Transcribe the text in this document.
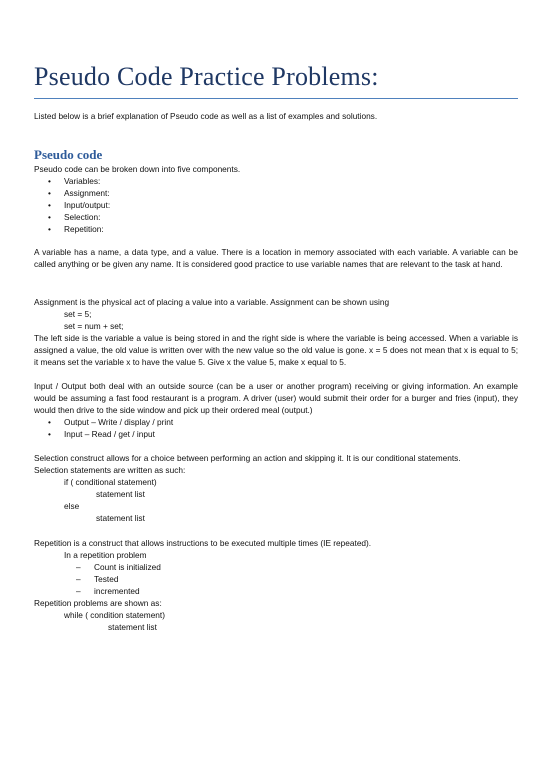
Pseudo Code Practice Problems:

Listed below is a brief explanation of Pseudo code as well as a list of examples and solutions.

Pseudo code
Pseudo code can be broken down into five components.
• Variables:
• Assignment:
• Input/output:
• Selection:
• Repetition:

A variable has a name, a data type, and a value. There is a location in memory associated with each variable. A variable can be called anything or be given any name. It is considered good practice to use variable names that are relevant to the task at hand.

Assignment is the physical act of placing a value into a variable. Assignment can be shown using
set = 5;
set = num + set;

The left side is the variable a value is being stored in and the right side is where the variable is being accessed. When a variable is assigned a value, the old value is written over with the new value so the old value is gone. x = 5 does not mean that x is equal to 5; it means set the variable x to have the value 5. Give x the value 5, make x equal to 5.

Input / Output both deal with an outside source (can be a user or another program) receiving or giving information. An example would be assuming a fast food restaurant is a program. A driver (user) would submit their order for a burger and fries (input), they would then drive to the side window and pick up their ordered meal (output.)

• Output – Write / display / print
• Input – Read / get / input
Selection construct allows for a choice between performing an action and skipping it. It is our conditional statements.
Selection statements are written as such:
if ( conditional statement)
statement list
else
statement list
Repetition is a construct that allows instructions to be executed multiple times (IE repeated).
In a repetition problem
– Count is initialized
– Tested
– incremented
Repetition problems are shown as:
while ( condition statement)
statement list
